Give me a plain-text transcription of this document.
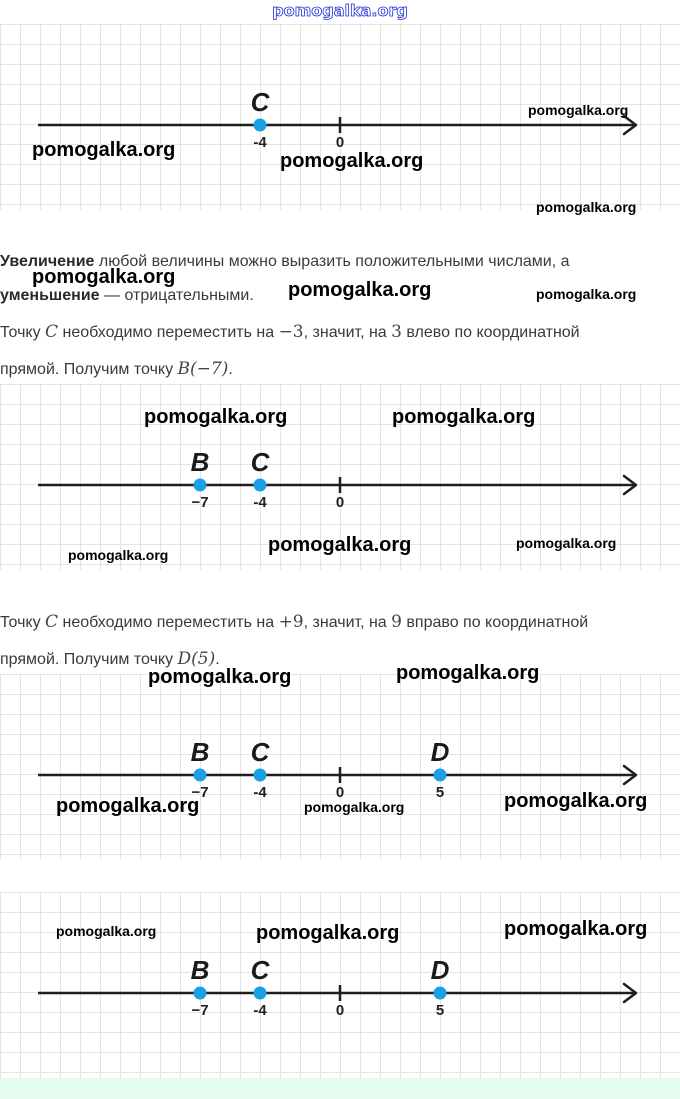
pomogalka.org
0
C
-4
Увеличение любой величины можно выразить положительными числами, а
уменьшение — отрицательными.
Точку C необходимо переместить на −3, значит, на 3 влево по координатной
прямой. Получим точку B(−7).
0
B
−7
C
-4
Точку C необходимо переместить на +9, значит, на 9 вправо по координатной
прямой. Получим точку D(5).
0
B
−7
C
-4
D
5
0
B
−7
C
-4
D
5
pomogalka.org	pomogalka.org
pomogalka.org
pomogalka.org
pomogalka.org
pomogalka.org	pomogalka.org
pomogalka.org	pomogalka.org
pomogalka.org	pomogalka.org	pomogalka.org
pomogalka.org	pomogalka.org
pomogalka.org	pomogalka.org	pomogalka.org
pomogalka.org	pomogalka.org	pomogalka.org
